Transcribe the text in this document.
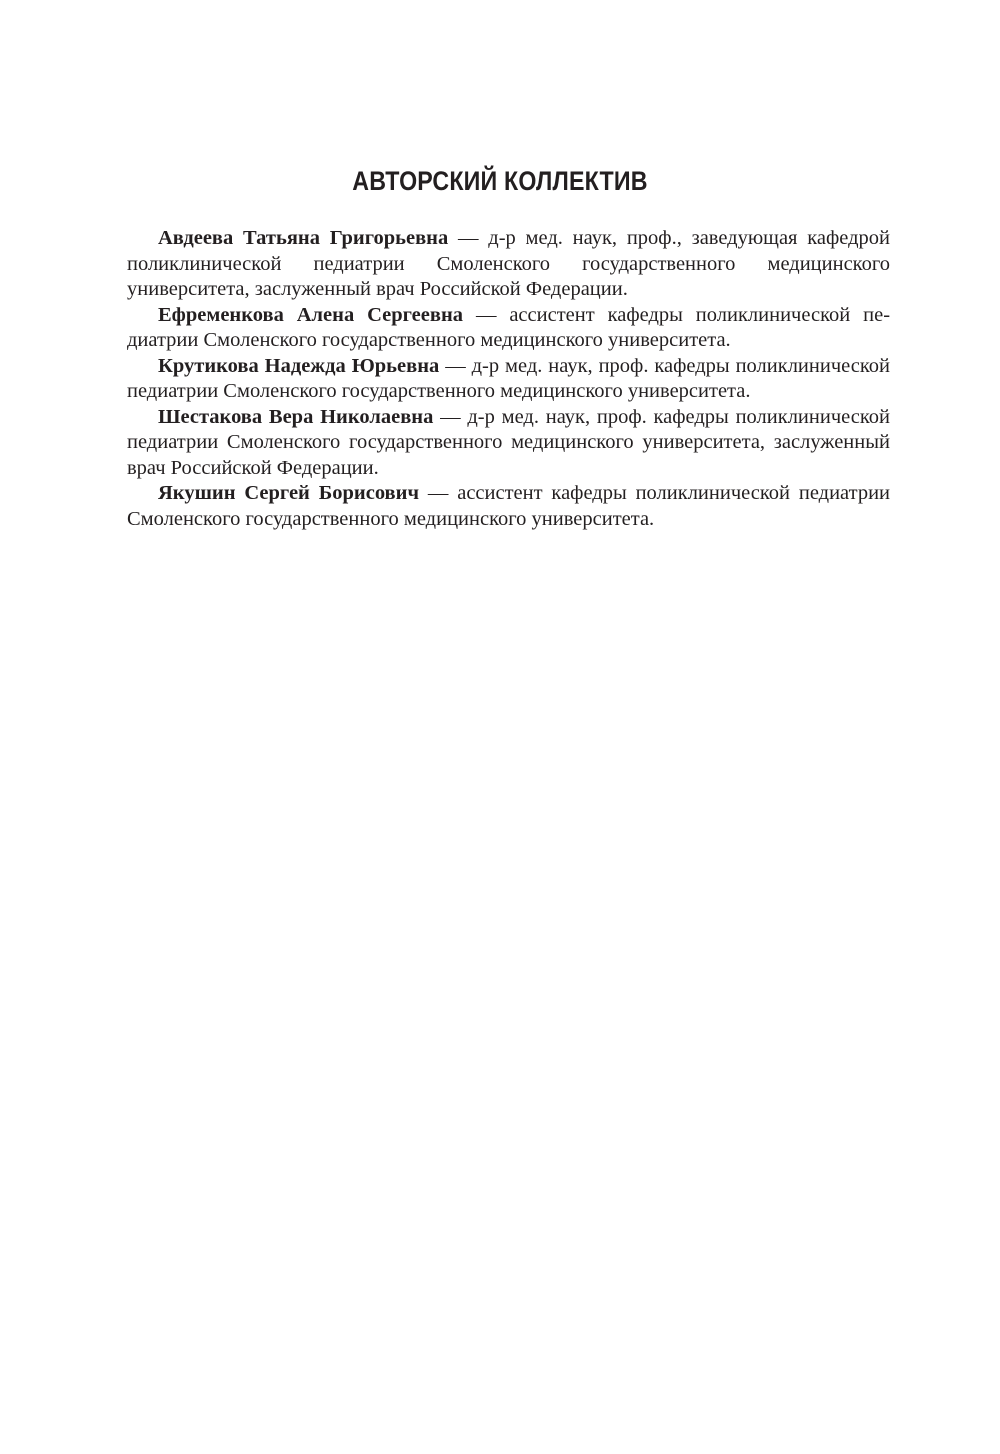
АВТОРСКИЙ КОЛЛЕКТИВ

Авдеева Татьяна Григорьевна — д-р мед. наук, проф., заведующая кафедрой поликлинической педиатрии Смоленского государственного медицинского университета, заслуженный врач Российской Федерации.

Ефременкова Алена Сергеевна — ассистент кафедры поликлинической педиатрии Смоленского государственного медицинского университета.

Крутикова Надежда Юрьевна — д-р мед. наук, проф. кафедры поликлинической педиатрии Смоленского государственного медицинского университета.

Шестакова Вера Николаевна — д-р мед. наук, проф. кафедры поликлинической педиатрии Смоленского государственного медицинского университета, заслуженный врач Российской Федерации.

Якушин Сергей Борисович — ассистент кафедры поликлинической педиатрии Смоленского государственного медицинского университета.
